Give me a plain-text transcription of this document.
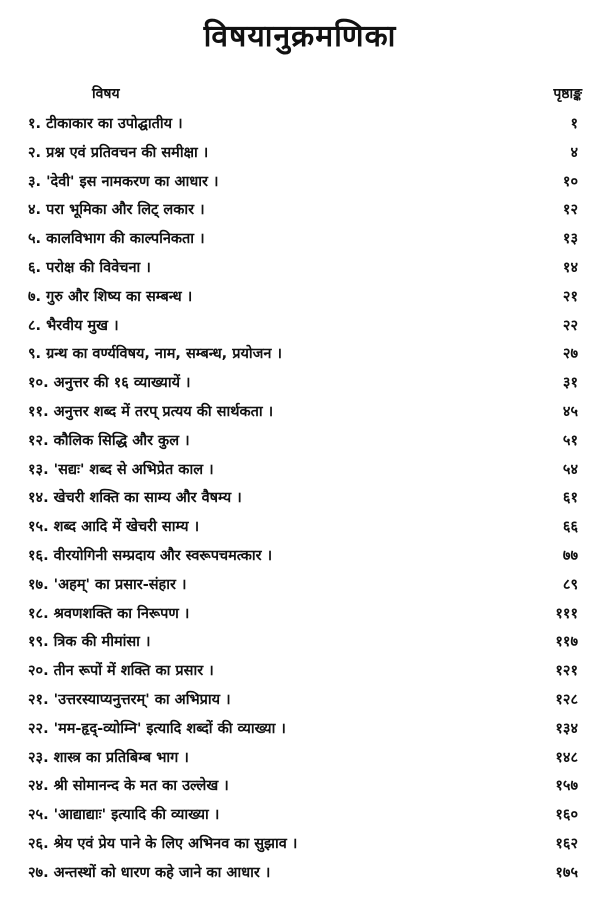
विषयानुक्रमणिका
विषय	पृष्ठाङ्क
१. टीकाकार का उपोद्घातीय ।	१
२. प्रश्न एवं प्रतिवचन की समीक्षा ।	४
३. 'देवी' इस नामकरण का आधार ।	१०
४. परा भूमिका और लिट् लकार ।	१२
५. कालविभाग की काल्पनिकता ।	१३
६. परोक्ष की विवेचना ।	१४
७. गुरु और शिष्य का सम्बन्ध ।	२१
८. भैरवीय मुख ।	२२
९. ग्रन्थ का वर्ण्यविषय, नाम, सम्बन्ध, प्रयोजन ।	२७
१०. अनुत्तर की १६ व्याख्यायें ।	३१
११. अनुत्तर शब्द में तरप् प्रत्यय की सार्थकता ।	४५
१२. कौलिक सिद्धि और कुल ।	५१
१३. 'सद्यः' शब्द से अभिप्रेत काल ।	५४
१४. खेचरी शक्ति का साम्य और वैषम्य ।	६१
१५. शब्द आदि में खेचरी साम्य ।	६६
१६. वीरयोगिनी सम्प्रदाय और स्वरूपचमत्कार ।	७७
१७. 'अहम्' का प्रसार-संहार ।	८९
१८. श्रवणशक्ति का निरूपण ।	१११
१९. त्रिक की मीमांसा ।	११७
२०. तीन रूपों में शक्ति का प्रसार ।	१२१
२१. 'उत्तरस्याप्यनुत्तरम्' का अभिप्राय ।	१२८
२२. 'मम-हृद्-व्योम्नि' इत्यादि शब्दों की व्याख्या ।	१३४
२३. शास्त्र का प्रतिबिम्ब भाग ।	१४८
२४. श्री सोमानन्द के मत का उल्लेख ।	१५७
२५. 'आद्याद्याः' इत्यादि की व्याख्या ।	१६०
२६. श्रेय एवं प्रेय पाने के लिए अभिनव का सुझाव ।	१६२
२७. अन्तस्थों को धारण कहे जाने का आधार ।	१७५
